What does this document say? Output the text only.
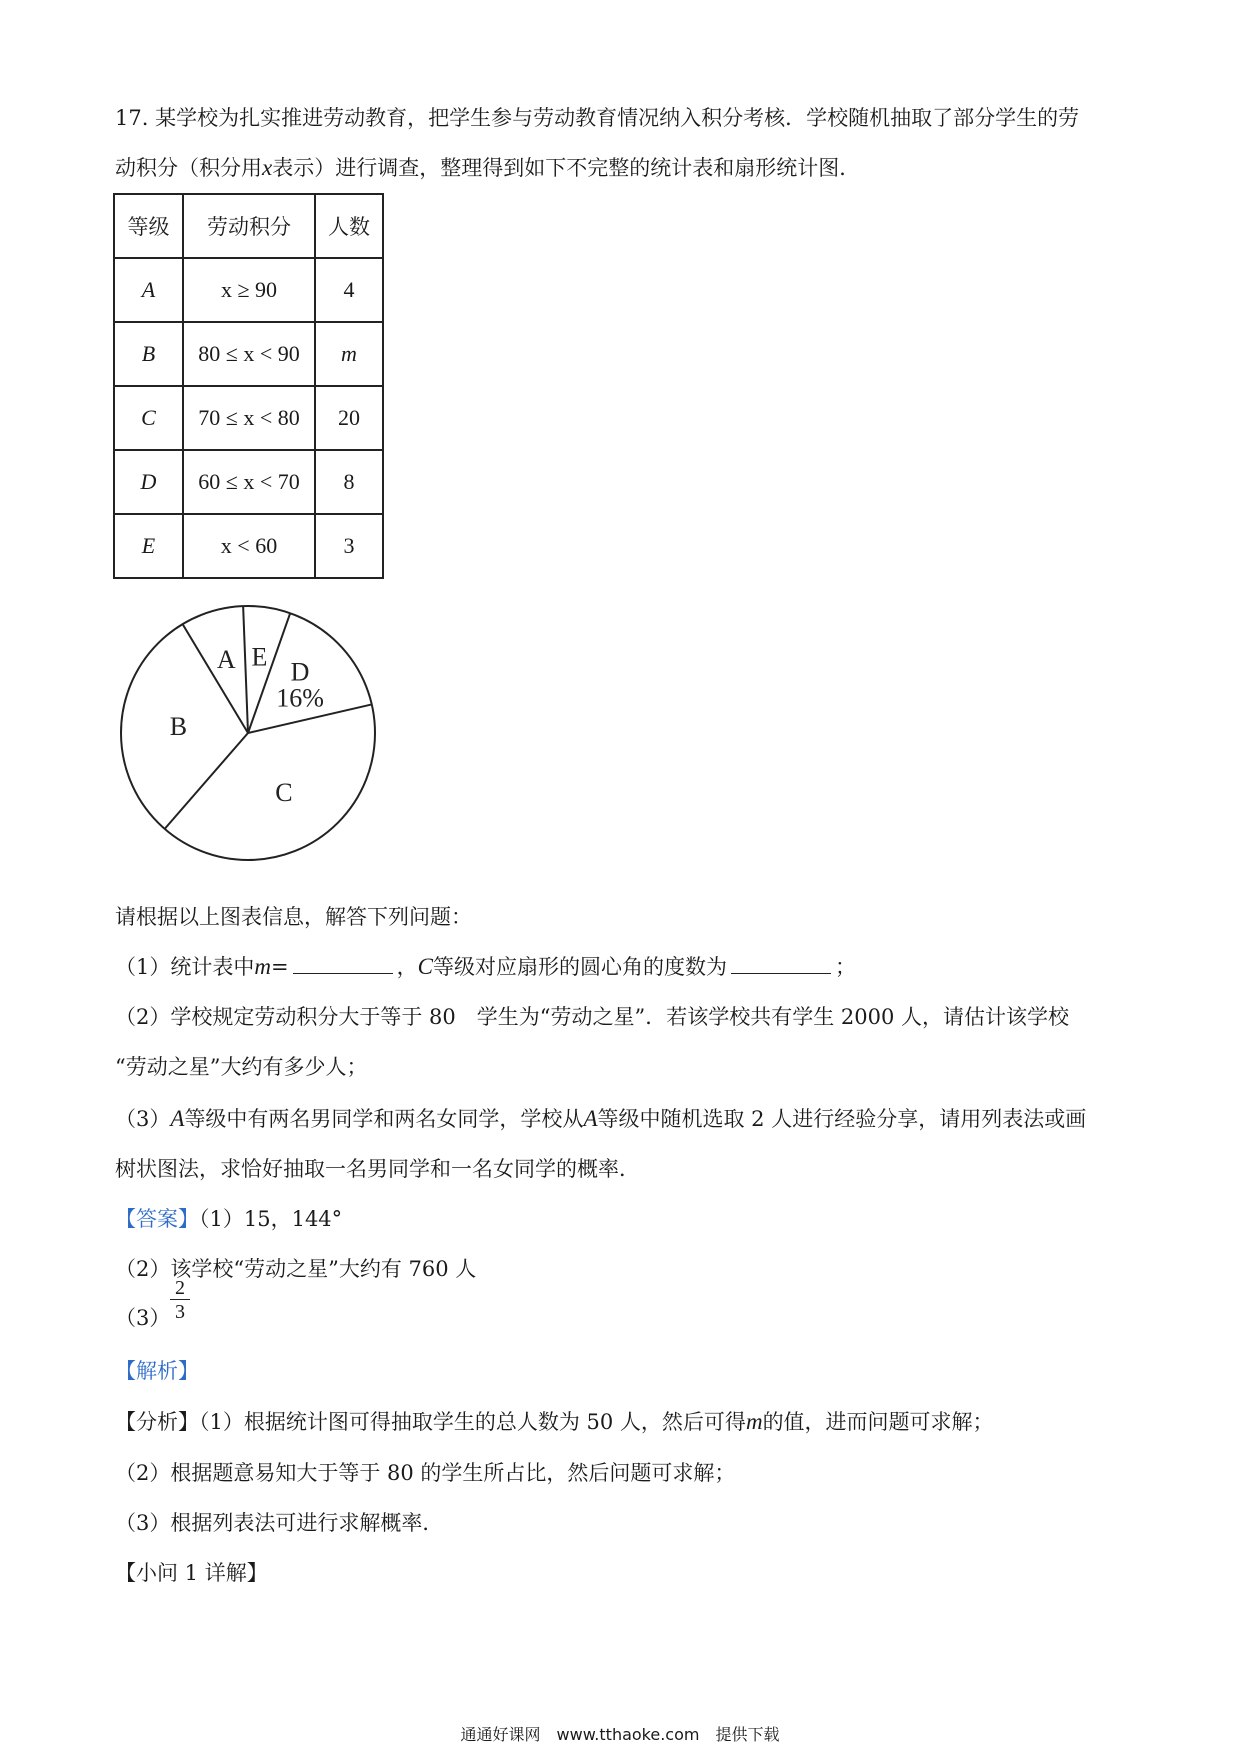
17. 某学校为扎实推进劳动教育，把学生参与劳动教育情况纳入积分考核．学校随机抽取了部分学生的劳
动积分（积分用x表示）进行调查，整理得到如下不完整的统计表和扇形统计图．
等级	劳动积分	人数
A	x ≥ 90	4
B	80 ≤ x < 90	m
C	70 ≤ x < 80	20
D	60 ≤ x < 70	8
E	x < 60	3
A E
D
16%
C
B
请根据以上图表信息，解答下列问题：
（1）统计表中m=	，C等级对应扇形的圆心角的度数为	；
（2）学校规定劳动积分大于等于 80　学生为“劳动之星”．若该学校共有学生 2000 人，请估计该学校
“劳动之星”大约有多少人；
（3）A等级中有两名男同学和两名女同学，学校从A等级中随机选取 2 人进行经验分享，请用列表法或画
树状图法，求恰好抽取一名男同学和一名女同学的概率．
【答案】（1）15，144°
（2）该学校“劳动之星”大约有 760 人
（3）
2
3
【解析】
【分析】（1）根据统计图可得抽取学生的总人数为 50 人，然后可得m的值，进而问题可求解；
（2）根据题意易知大于等于 80 的学生所占比，然后问题可求解；
（3）根据列表法可进行求解概率．
【小问 1 详解】
通通好课网　www.tthaoke.com　提供下载
